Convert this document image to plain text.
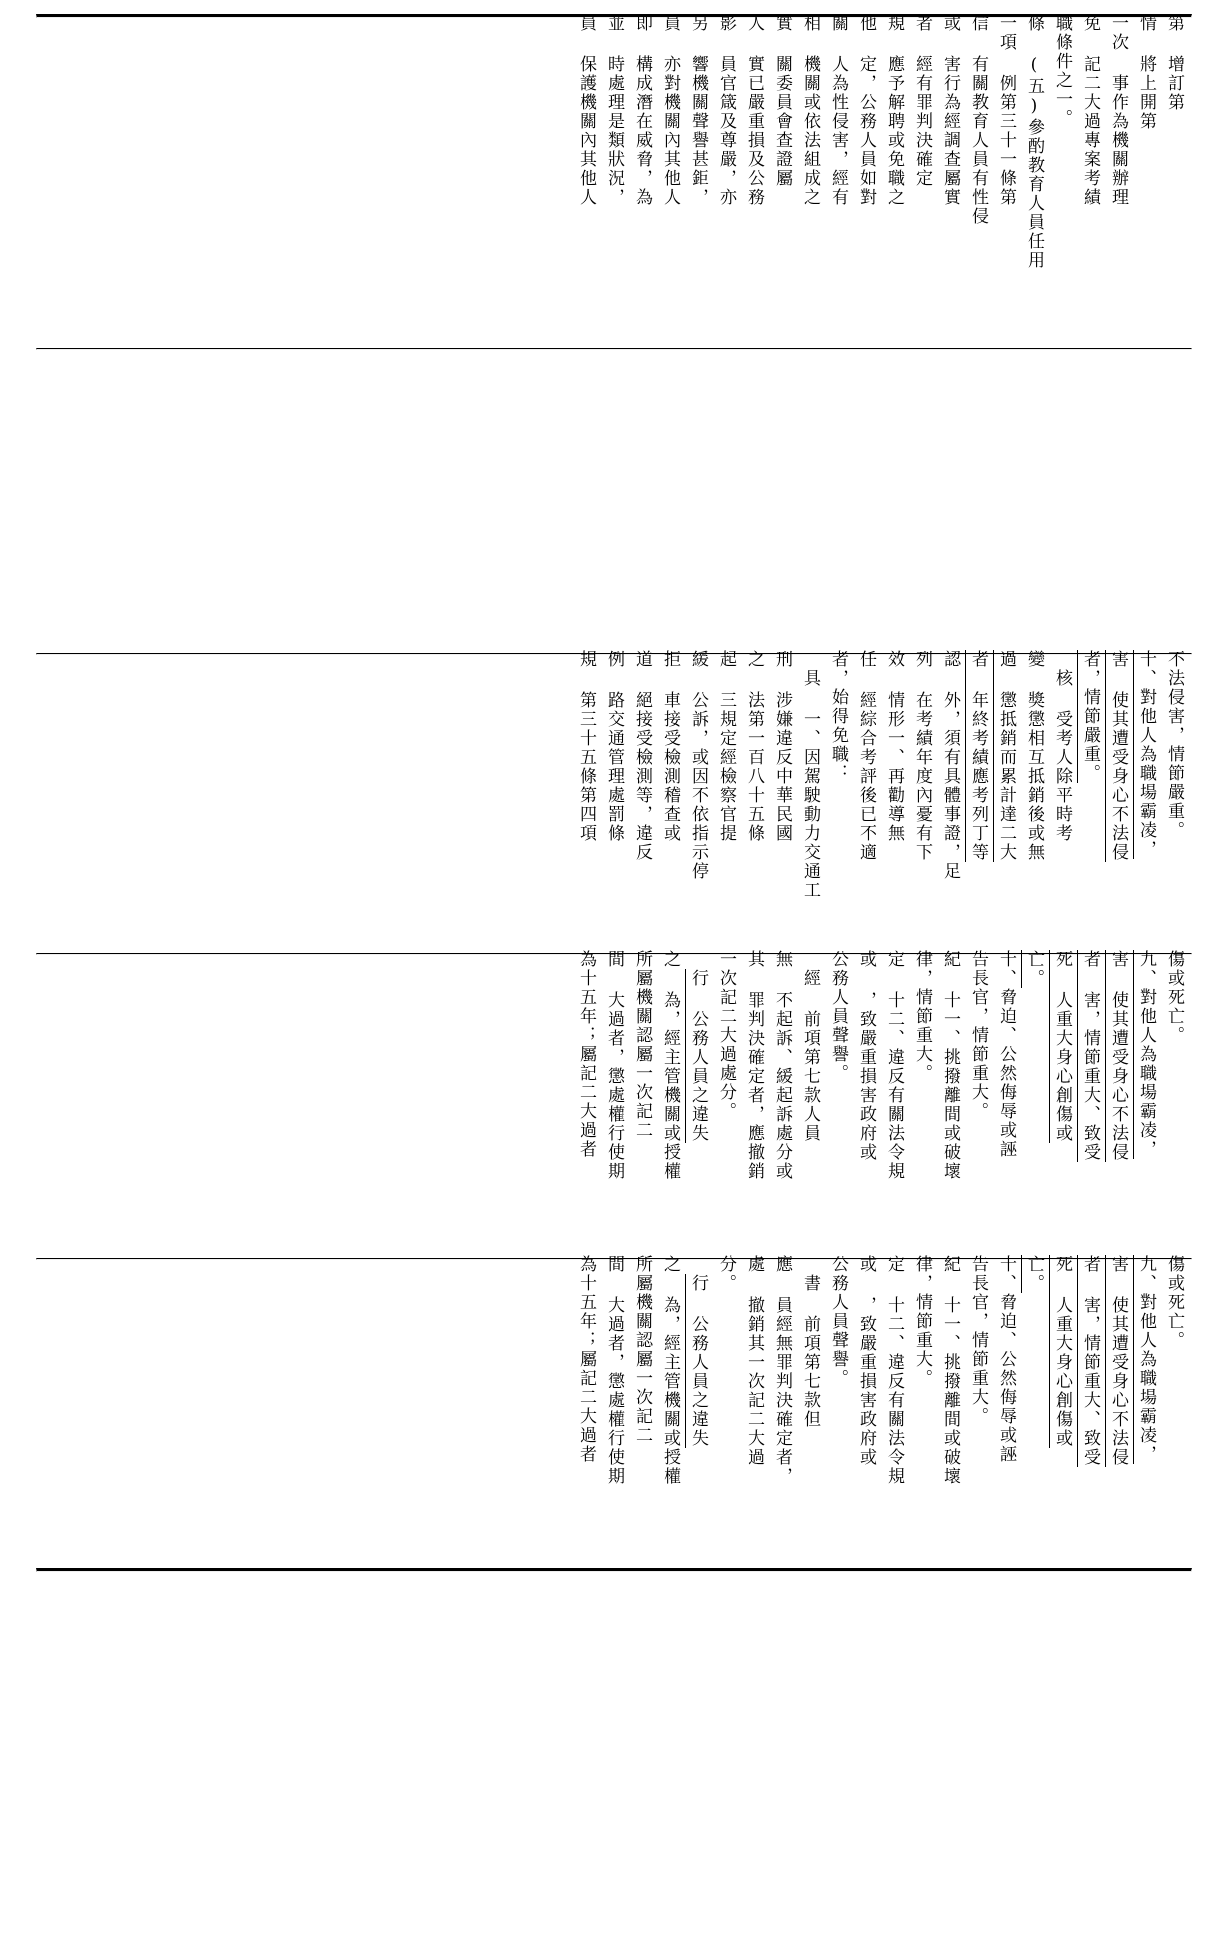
第 增訂第
情 將上開第
一次 事作為機關辦理
免 記二大過專案考績
職條件之一。
條 (五)參酌教育人員任用
一項 例第三十一條第
信 有關教育人員有性侵
或 害行為經調查屬實
者 經有罪判決確定
規 應予解聘或免職之
他 定，公務人員如對
關 人為性侵害，經有
相 機關或依法組成之
實 關委員會查證屬
人 實已嚴重損及公務
影 員官箴及尊嚴，亦
另 響機關聲譽甚鉅，
員 亦對機關內其他人
即 構成潛在威脅，為
並 時處理是類狀況，
員 保護機關內其他人
不法侵害，情節嚴重。
十、對他人為職場霸凌，
害 使其遭受身心不法侵
者，情節嚴重。
核 受考人除平時考
變 獎懲相互抵銷後或無
過 懲抵銷而累計達二大
者 年終考績應考列丁等
認 外，須有具體事證，足
列 在考績年度內憂有下
效 情形一、再勸導無
任 經綜合考評後已不適
者，始得免職：
具 一、因駕駛動力交通工
刑 涉嫌違反中華民國
之 法第一百八十五條
起 三規定經檢察官提
緩 公訴，或因不依指示停
拒 車接受檢測稽查或
道 絕接受檢測等，違反
例 路交通管理處罰條
規 第三十五條第四項
傷或死亡。
九、對他人為職場霸凌，
害 使其遭受身心不法侵
者 害，情節重大、致受
死 人重大身心創傷或
亡。
十、脅迫、公然侮辱或誣
告長官，情節重大。
紀 十一、挑撥離間或破壞
律，情節重大。
定 十二、違反有關法令規
或 ，致嚴重損害政府或
公務人員聲譽。
經 前項第七款人員
無 不起訴、緩起訴處分或
其 罪判決確定者，應撤銷
一次記二大過處分。
行 公務人員之違失
之 為，經主管機關或授權
所屬機關認屬一次記二
間 大過者，懲處權行使期
為十五年；屬記二大過者
傷或死亡。
九、對他人為職場霸凌，
害 使其遭受身心不法侵
者 害，情節重大、致受
死 人重大身心創傷或
亡。
十、脅迫、公然侮辱或誣
告長官，情節重大。
紀 十一、挑撥離間或破壞
律，情節重大。
定 十二、違反有關法令規
或 ，致嚴重損害政府或
公務人員聲譽。
書 前項第七款但
應 員經無罪判決確定者，
處 撤銷其一次記二大過
分。
行 公務人員之違失
之 為，經主管機關或授權
所屬機關認屬一次記二
間 大過者，懲處權行使期
為十五年；屬記二大過者
